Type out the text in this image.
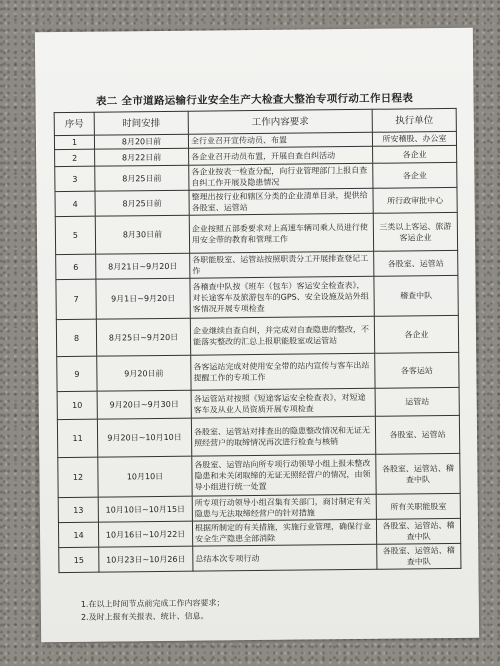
表二 全市道路运输行业安全生产大检查大整治专项行动工作日程表
序号	时间安排	工作内容要求	执行单位
1	8月20日前	全行业召开宣传动员、布置	所安稽股、办公室
2	8月22日前	各企业召开动员布置，开展自查自纠活动	各企业
3	8月25日前	各企业按表一检查分配，向行业管理部门上报自查自纠工作开展及隐患情况	各企业
4	8月25日前	整理出按行业和辖区分类的企业清单目录，提供给各股室、运管站	所行政审批中心
5	8月30日前	企业按照五部委要求对上高速车辆司乘人员进行使用安全带的教育和管理工作	三类以上客运、旅游客运企业
6	8月21日~9月20日	各职能股室、运管站按照职责分工开展排查登记工作	各股室、运管站
7	9月1日~9月20日	各稽查中队按《班车（包车）客运安全检查表》，对长途客车及旅游包车的GPS、安全设施及站外组客情况开展专项检查	稽查中队
8	8月25日~9月20日	企业继续自查自纠，并完成对自查隐患的整改，不能落实整改的汇总上报职能股室或运管站	各企业
9	9月20日前	各客运站完成对使用安全带的站内宣传与客车出站提醒工作的专项工作	各客运站
10	9月20日~9月30日	各运管站对按照《短途客运安全检查表》，对短途客车及从业人员资质开展专项检查	运管站
11	9月20日~10月10日	各股室、运管站对排查出的隐患整改情况和无证无照经营户的取缔情况再次进行检查与核销	各股室、运管站
12	10月10日	各股室、运管站向所专项行动领导小组上报未整改隐患和未关闭取缔的无证无照经营户的情况，由领导小组进行统一处置	各股室、运管站、稽查中队
13	10月10日~10月15日	所专项行动领导小组召集有关部门，商讨制定有关隐患与无法取缔经营户的针对措施	所有关职能股室
14	10月16日~10月22日	根据所制定的有关措施，实施行业管理，确保行业安全生产隐患全部消除	各股室、运管站、稽查中队
15	10月23日~10月26日	总结本次专项行动	各股室、运管站、稽查中队
1.在以上时间节点前完成工作内容要求；
2.及时上报有关报表、统计、信息。
